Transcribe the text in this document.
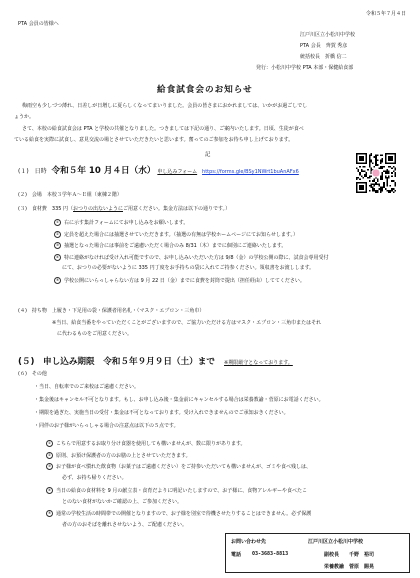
令和５年７月４日
PTA 会員の皆様へ
江戸川区立小松川中学校
PTA 会長　齊賀 秀彦
統括校長　折橋 信二
発行：小松川中学校 PTA 本部・保健給食部
給食試食会のお知らせ
梅雨空も少しづつ薄れ、日差しが日増しに夏らしくなってまいりました。会員の皆さまにおかれましては、いかがお過ごしでし
ょうか。
さて、本校の給食試食会は PTA と学校の共催となりました。つきましては下記の通り、ご案内いたします。日頃、生徒が食べ
ている給食を実際に試食し、意見交流の場とさせていただきたいと思います。奮ってのご参加をお待ち申し上げております。
記
(１) 日時 令和５年 10 月４日（水） 申し込みフォーム https://forms.gle/BSy1NWrt1buAnAFx6
(２)　会場　本校３学年Ａ～Ｅ組（東棟２階）
(３)　食材費　335 円（おつりの出ないようにご用意ください。集金方法は以下の通りです。）
① 右に示す集計フォームにてお申し込みをお願いします。
② 定員を超えた場合には抽選させていただきます。（抽選の有無は学校ホームページにてお知らせします。）
③ 抽選となった場合には事前をご遠慮いただく場合のみ 8/31（木）までに個別にご連絡いたします。
④ 特に連絡がなければ受け入れ可能ですので、お申し込みいただいた方は 9/8（金）の学校公開の際に、試食会専用受付
にて、おつりの必要がないように 335 円丁度をお手持ちの袋に入れてご持参ください。領収書をお渡しします。
⑤ 学校公開にいらっしゃらない方は 9 月 22 日（金）までに食費を封筒で提出（担任経由）しててください。
(４)　持ち物　上履き・下足用の袋・保護者用名札・（マスク・エプロン・三角巾）
※当日、給食当番をやっていただくことがございますので、ご協力いただける方はマスク・エプロン・三角巾またはそれ
に代わるものをご用意ください。
(５)　申し込み期限　令和５年９月９日（土）まで ※期限厳守となっております。
(６)　その他
・当日、自転車でのご来校はご遠慮ください。
・集金後はキャンセル不可となります。もし、お申し込み後・集金前にキャンセルする場合は栄養教諭・菅原にお電話ください。
・期限を過ぎた、実施当日の受付・集金は不可となっております。受け入れできませんのでご承知おきください。
・同伴のお子様がいらっしゃる場合の注意点は以下の５点です。
① こちらで用意するお取り分け食器を使用しても構いませんが、数に限りがあります。
② 原則、お預け保護者の方のお膳の上とさせていただきます。
③ お子様が食べ慣れた飲食物（お菓子はご遠慮ください）をご持参いただいても構いませんが、ゴミや食べ残しは、
必ず、お持ち帰りください。
④ 当日の給食の食材料を 9 月の献立表・食育だよりに明記いたしますので、お子様に、食物アレルギーや食べたこ
とのない食材がないかご確認の上、ご参加ください。
⑤ 通常の学校生活の時間帯での開催となりますので、お子様を別室で待機させたりすることはできません。必ず保護
者の方のおそばを離れさせないよう、ご配慮ください。
お問い合わせ先	江戸川区立小松川中学校
電話 03-3683-8813	副校長　　千野　裕司
栄養教諭　菅原　賜晃
